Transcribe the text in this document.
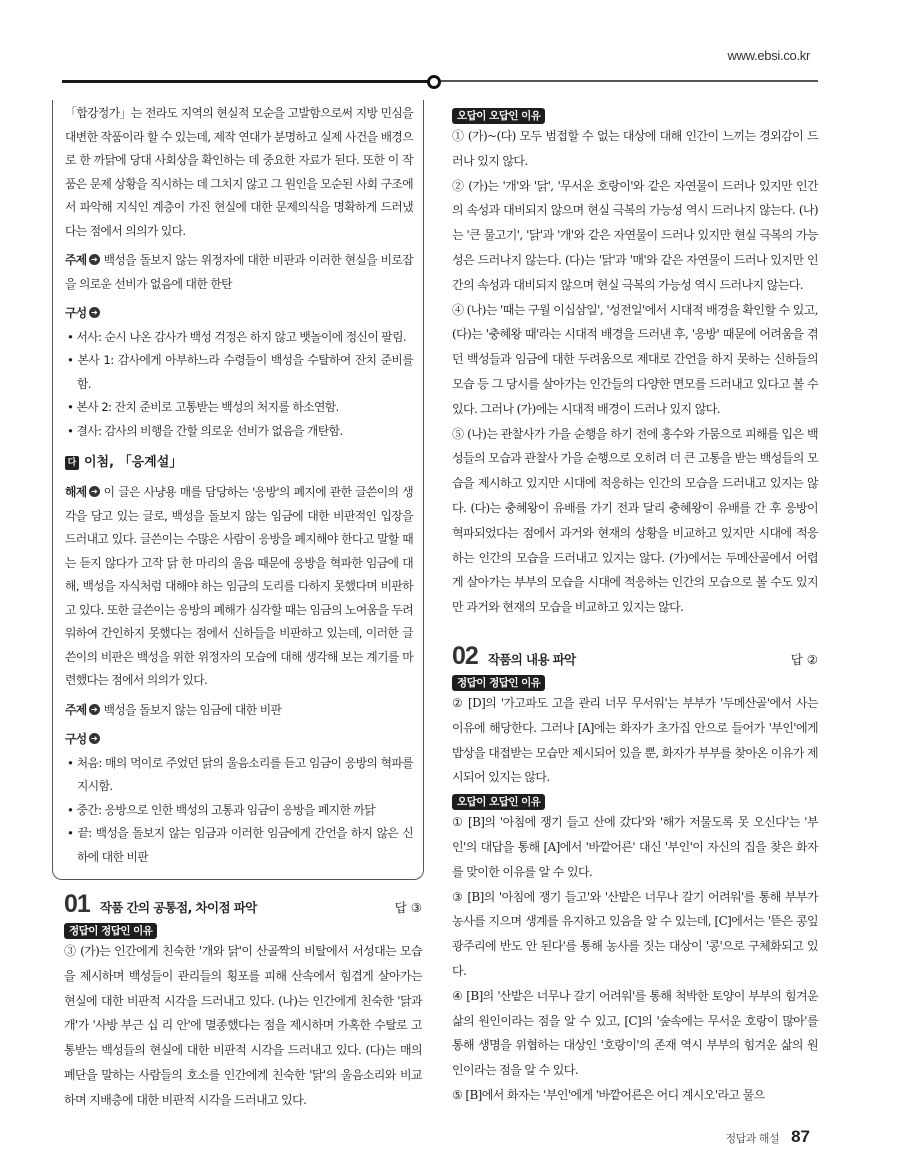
www.ebsi.co.kr

「합강정가」는 전라도 지역의 현실적 모순을 고발함으로써 지방 민심을 대변한 작품이라 할 수 있는데, 제작 연대가 분명하고 실제 사건을 배경으로 한 까닭에 당대 사회상을 확인하는 데 중요한 자료가 된다. 또한 이 작품은 문제 상황을 직시하는 데 그치지 않고 그 원인을 모순된 사회 구조에서 파악해 지식인 계층이 가진 현실에 대한 문제의식을 명확하게 드러냈다는 점에서 의의가 있다.

주제 ➔ 백성을 돌보지 않는 위정자에 대한 비판과 이러한 현실을 비로잡을 의로운 선비가 없음에 대한 한탄

구성 ➔

• 서사: 순시 나온 감사가 백성 걱정은 하지 않고 뱃놀이에 정신이 팔림.

• 본사 1: 감사에게 아부하느라 수령들이 백성을 수탈하여 잔치 준비를 함.

• 본사 2: 잔치 준비로 고통받는 백성의 처지를 하소연함.

• 결사: 감사의 비행을 간할 의로운 선비가 없음을 개탄함.

다 이첨, 「응계설」

해제 ➔ 이 글은 사냥용 매를 담당하는 '응방'의 폐지에 관한 글쓴이의 생각을 담고 있는 글로, 백성을 돌보지 않는 임금에 대한 비판적인 입장을 드러내고 있다. 글쓴이는 수많은 사람이 응방을 폐지해야 한다고 말할 때는 듣지 않다가 고작 닭 한 마리의 울음 때문에 응방을 혁파한 임금에 대해, 백성을 자식처럼 대해야 하는 임금의 도리를 다하지 못했다며 비판하고 있다. 또한 글쓴이는 응방의 폐해가 심각할 때는 임금의 노여움을 두려워하여 간인하지 못했다는 점에서 신하들을 비판하고 있는데, 이러한 글쓴이의 비판은 백성을 위한 위정자의 모습에 대해 생각해 보는 계기를 마련했다는 점에서 의의가 있다.

주제 ➔ 백성을 돌보지 않는 임금에 대한 비판

구성 ➔

• 처음: 매의 먹이로 주었던 닭의 울음소리를 듣고 임금이 응방의 혁파를 지시함.

• 중간: 응방으로 인한 백성의 고통과 임금이 응방을 폐지한 까닭

• 끝: 백성을 돌보지 않는 임금과 이러한 임금에게 간언을 하지 않은 신하에 대한 비판

01 작품 간의 공통점, 차이점 파악	답 ③
정답이 정답인 이유

③ (가)는 인간에게 친숙한 '개와 닭'이 산골짝의 비탈에서 서성대는 모습을 제시하며 백성들이 관리들의 횡포를 피해 산속에서 힘겹게 살아가는 현실에 대한 비판적 시각을 드러내고 있다. (나)는 인간에게 친숙한 '닭과 개'가 '사방 부근 십 리 안'에 멸종했다는 점을 제시하며 가혹한 수탈로 고통받는 백성들의 현실에 대한 비판적 시각을 드러내고 있다. (다)는 매의 폐단을 말하는 사람들의 호소를 인간에게 친숙한 '닭'의 울음소리와 비교하며 지배층에 대한 비판적 시각을 드러내고 있다.

오답이 오답인 이유

① (가)~(다) 모두 범접할 수 없는 대상에 대해 인간이 느끼는 경외감이 드러나 있지 않다.

② (가)는 '개'와 '닭', '무서운 호랑이'와 같은 자연물이 드러나 있지만 인간의 속성과 대비되지 않으며 현실 극복의 가능성 역시 드러나지 않는다. (나)는 '큰 물고기', '닭'과 '개'와 같은 자연물이 드러나 있지만 현실 극복의 가능성은 드러나지 않는다. (다)는 '닭'과 '매'와 같은 자연물이 드러나 있지만 인간의 속성과 대비되지 않으며 현실 극복의 가능성 역시 드러나지 않는다.

④ (나)는 '때는 구월 이십삼일', '성전일'에서 시대적 배경을 확인할 수 있고, (다)는 '충혜왕 때'라는 시대적 배경을 드러낸 후, '응방' 때문에 어려움을 겪던 백성들과 임금에 대한 두려움으로 제대로 간언을 하지 못하는 신하들의 모습 등 그 당시를 살아가는 인간들의 다양한 면모를 드러내고 있다고 볼 수 있다. 그러나 (가)에는 시대적 배경이 드러나 있지 않다.

⑤ (나)는 관찰사가 가을 순행을 하기 전에 홍수와 가뭄으로 피해를 입은 백성들의 모습과 관찰사 가을 순행으로 오히려 더 큰 고통을 받는 백성들의 모습을 제시하고 있지만 시대에 적응하는 인간의 모습을 드러내고 있지는 않다. (다)는 충혜왕이 유배를 가기 전과 달리 충혜왕이 유배를 간 후 응방이 혁파되었다는 점에서 과거와 현재의 상황을 비교하고 있지만 시대에 적응하는 인간의 모습을 드러내고 있지는 않다. (가)에서는 두메산골에서 어렵게 살아가는 부부의 모습을 시대에 적응하는 인간의 모습으로 볼 수도 있지만 과거와 현재의 모습을 비교하고 있지는 않다.

02 작품의 내용 파악	답 ②
정답이 정답인 이유

② [D]의 '가고파도 고을 관리 너무 무서워'는 부부가 '두메산골'에서 사는 이유에 해당한다. 그러나 [A]에는 화자가 초가집 안으로 들어가 '부인'에게 밥상을 대접받는 모습만 제시되어 있을 뿐, 화자가 부부를 찾아온 이유가 제시되어 있지는 않다.

오답이 오답인 이유

① [B]의 '아침에 쟁기 들고 산에 갔다'와 '해가 저물도록 못 오신다'는 '부인'의 대답을 통해 [A]에서 '바깥어른' 대신 '부인'이 자신의 집을 찾은 화자를 맞이한 이유를 알 수 있다.

③ [B]의 '아침에 쟁기 들고'와 '산밭은 너무나 갈기 어려워'를 통해 부부가 농사를 지으며 생계를 유지하고 있음을 알 수 있는데, [C]에서는 '뜯은 콩잎 광주리에 반도 안 된다'를 통해 농사를 짓는 대상이 '콩'으로 구체화되고 있다.

④ [B]의 '산밭은 너무나 갈기 어려워'를 통해 척박한 토양이 부부의 힘겨운 삶의 원인이라는 점을 알 수 있고, [C]의 '숲속에는 무서운 호랑이 많아'를 통해 생명을 위협하는 대상인 '호랑이'의 존재 역시 부부의 힘겨운 삶의 원인이라는 점을 알 수 있다.

⑤ [B]에서 화자는 '부인'에게 '바깥어른은 어디 계시오'라고 물으

정답과 해설 87
